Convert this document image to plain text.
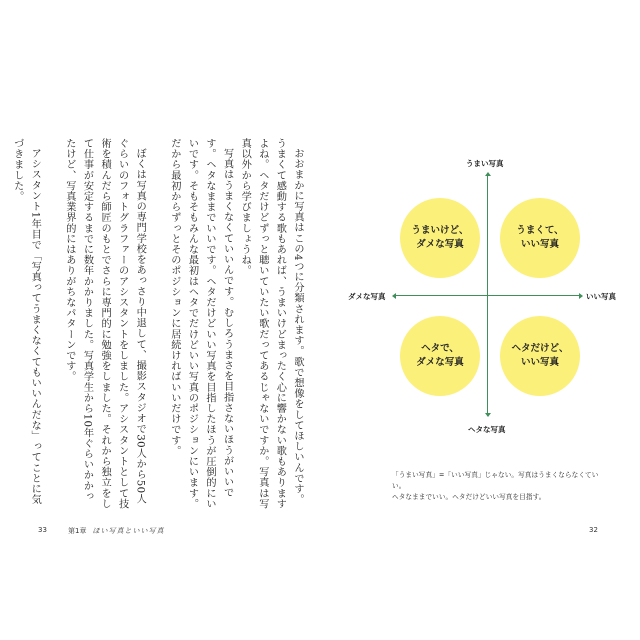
おおまかに写真はこの4つに分類されます。歌で想像をしてほしいんです。うまくて感動する歌もあれば、うまいけどまったく心に響かない歌もありますよね。ヘタだけどずっと聴いていたい歌だってあるじゃないですか。写真は写真以外から学びましょうね。

写真はうまくなくていいんです。むしろうまさを目指さないほうがいいです。ヘタなままでいいです。ヘタだけどいい写真を目指したほうが圧倒的にいいです。そもそもみんな最初はヘタでだけどいい写真のポジションにいます。だから最初からずっとそのポジションに居続ければいいだけです。

ぼくは写真の専門学校をあっさり中退して、撮影スタジオで30人から50人ぐらいのフォトグラファーのアシスタントをしました。アシスタントとして技術を積んだら師匠のもとでさらに専門的に勉強をしました。それから独立をして仕事が安定するまでに数年かかりました。写真学生から10年ぐらいかかったけど、写真業界的にはありがちなパターンです。

アシスタント1年目で「写真ってうまくなくてもいいんだな」ってことに気づきました。

33	第1章 ほい写真といい写真
うまい写真
ヘタな写真
ダメな写真	いい写真
うまいけど、
ダメな写真
うまくて、
いい写真
ヘタで、
ダメな写真
ヘタだけど、
いい写真
「うまい写真」=「いい写真」じゃない。写真はうまくならなくていい。
ヘタなままでいい。ヘタだけどいい写真を目指す。
32
